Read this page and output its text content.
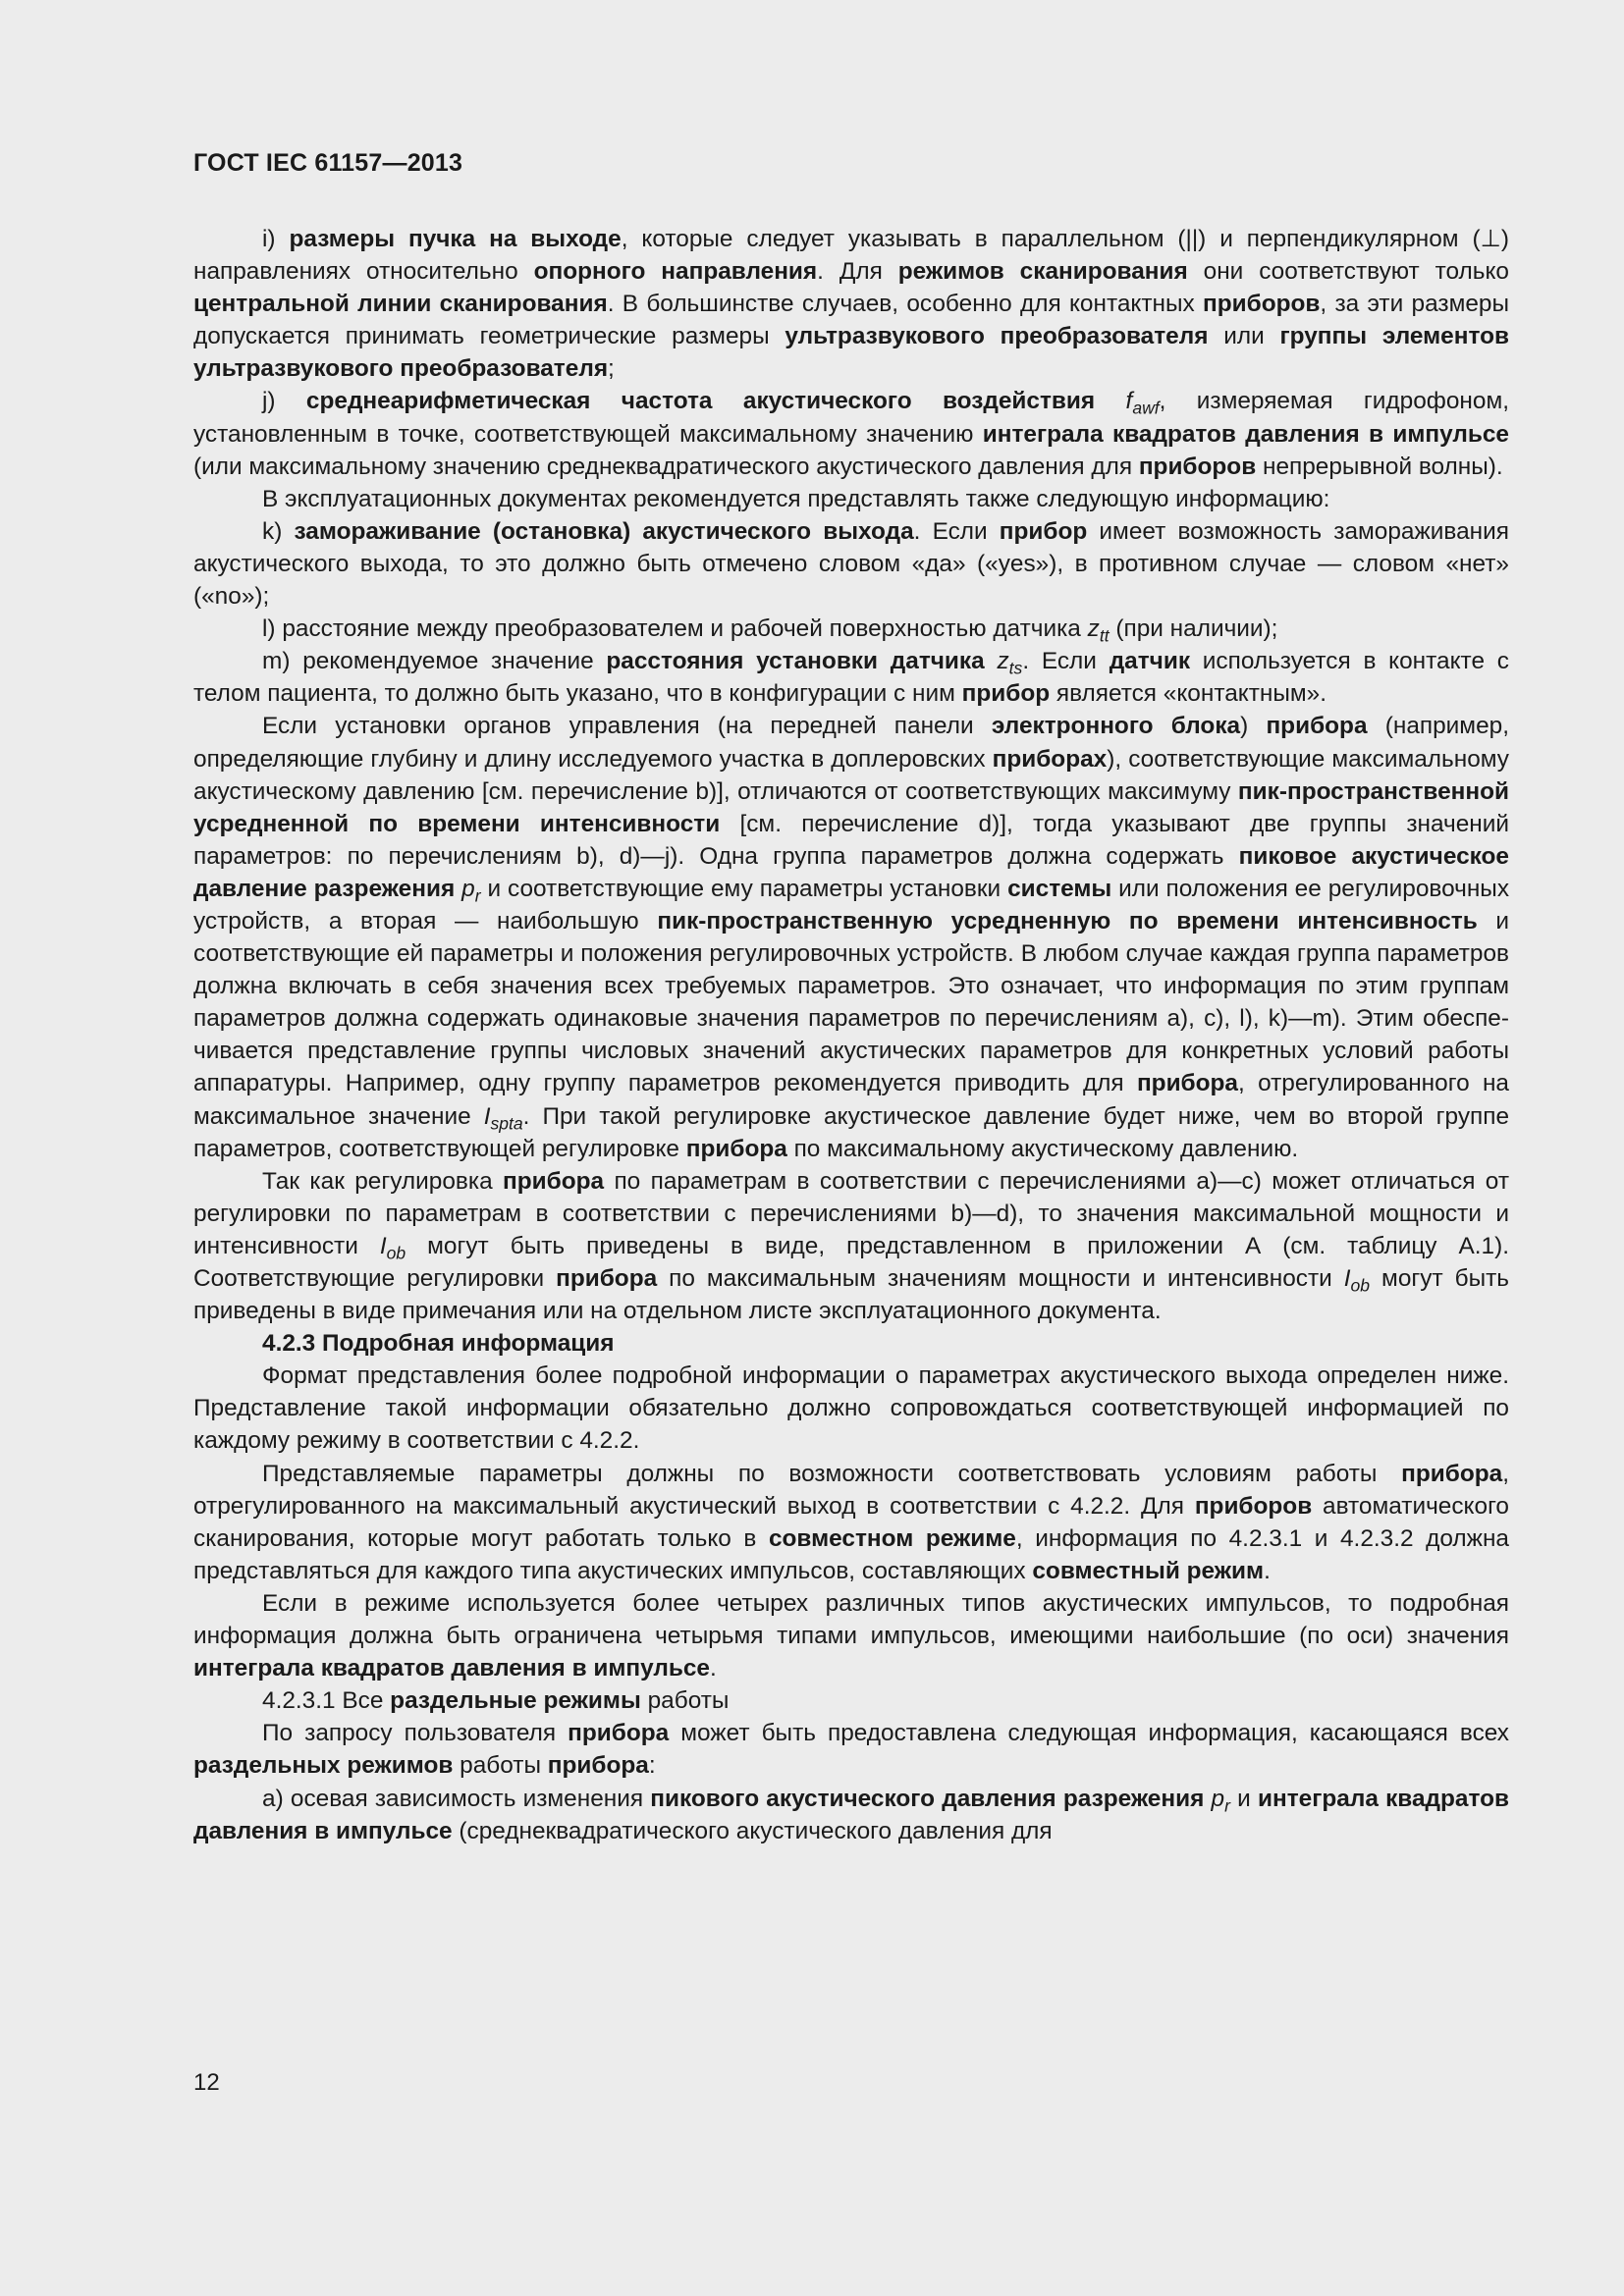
ГОСТ IEC 61157—2013

i) размеры пучка на выходе, которые следует указывать в параллельном (||) и перпендикулярном (⊥) направлениях относительно опорного направления. Для режимов сканирования они соответствуют только центральной линии сканирования. В большинстве случаев, особенно для контактных приборов, за эти размеры допускается принимать геометрические размеры ультразвукового преобразователя или группы элементов ультразвукового преобразователя;

j) среднеарифметическая частота акустического воздействия $f_{awf}$, измеряемая гидрофоном, установленным в точке, соответствующей максимальному значению интеграла квадратов давления в импульсе (или максимальному значению среднеквадратического акустического давления для приборов непрерывной волны).

В эксплуатационных документах рекомендуется представлять также следующую информацию:

k) замораживание (остановка) акустического выхода. Если прибор имеет возможность замораживания акустического выхода, то это должно быть отмечено словом «да» («yes»), в противном случае — словом «нет» («no»);

l) расстояние между преобразователем и рабочей поверхностью датчика $z_{tt}$ (при наличии);

m) рекомендуемое значение расстояния установки датчика $z_{ts}$. Если датчик используется в контакте с телом пациента, то должно быть указано, что в конфигурации с ним прибор является «контактным».

Если установки органов управления (на передней панели электронного блока) прибора (например, определяющие глубину и длину исследуемого участка в доплеровских приборах), соответствующие максимальному акустическому давлению [см. перечисление b)], отличаются от соответствующих максимуму пик-пространственной усредненной по времени интенсивности [см. перечисление d)], тогда указывают две группы значений параметров: по перечислениям b), d)—j). Одна группа параметров должна содержать пиковое акустическое давление разрежения $p_r$ и соответствующие ему параметры установки системы или положения ее регулировочных устройств, а вторая — наибольшую пик-пространственную усредненную по времени интенсивность и соответствующие ей параметры и положения регулировочных устройств. В любом случае каждая группа параметров должна включать в себя значения всех требуемых параметров. Это означает, что информация по этим группам параметров должна содержать одинаковые значения параметров по перечислениям а), с), l), k)—m). Этим обеспечивается представление группы числовых значений акустических параметров для конкретных условий работы аппаратуры. Например, одну группу параметров рекомендуется приводить для прибора, отрегулированного на максимальное значение $I_{spta}$. При такой регулировке акустическое давление будет ниже, чем во второй группе параметров, соответствующей регулировке прибора по максимальному акустическому давлению.

Так как регулировка прибора по параметрам в соответствии с перечислениями а)—с) может отличаться от регулировки по параметрам в соответствии с перечислениями b)—d), то значения максимальной мощности и интенсивности $I_{ob}$ могут быть приведены в виде, представленном в приложении А (см. таблицу А.1). Соответствующие регулировки прибора по максимальным значениям мощности и интенсивности $I_{ob}$ могут быть приведены в виде примечания или на отдельном листе эксплуатационного документа.

4.2.3 Подробная информация

Формат представления более подробной информации о параметрах акустического выхода определен ниже. Представление такой информации обязательно должно сопровождаться соответствующей информацией по каждому режиму в соответствии с 4.2.2.

Представляемые параметры должны по возможности соответствовать условиям работы прибора, отрегулированного на максимальный акустический выход в соответствии с 4.2.2. Для приборов автоматического сканирования, которые могут работать только в совместном режиме, информация по 4.2.3.1 и 4.2.3.2 должна представляться для каждого типа акустических импульсов, составляющих совместный режим.

Если в режиме используется более четырех различных типов акустических импульсов, то подробная информация должна быть ограничена четырьмя типами импульсов, имеющими наибольшие (по оси) значения интеграла квадратов давления в импульсе.

4.2.3.1 Все раздельные режимы работы

По запросу пользователя прибора может быть предоставлена следующая информация, касающаяся всех раздельных режимов работы прибора:

а) осевая зависимость изменения пикового акустического давления разрежения $p_r$ и интеграла квадратов давления в импульсе (среднеквадратического акустического давления для

12
